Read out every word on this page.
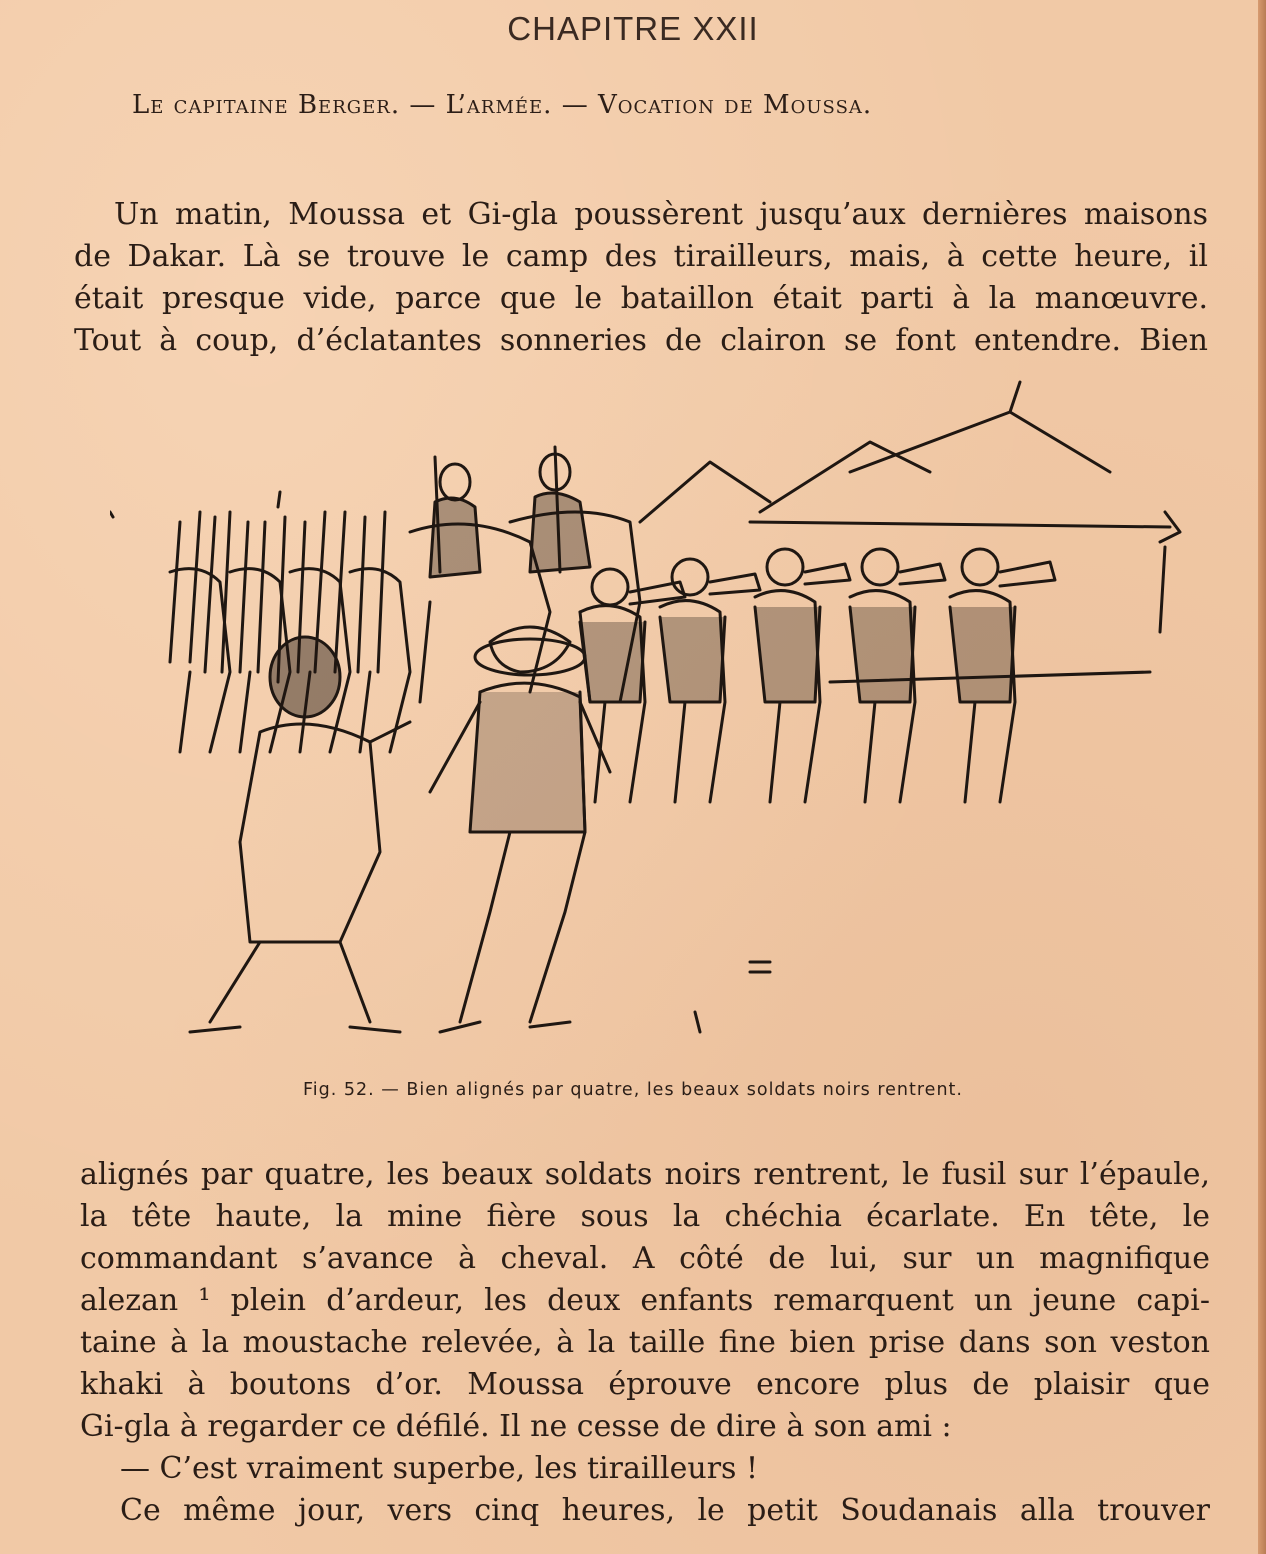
CHAPITRE XXII
Le capitaine Berger. — L’armée. — Vocation de Moussa.
Un matin, Moussa et Gi-gla poussèrent jusqu’aux dernières maisons
de Dakar. Là se trouve le camp des tirailleurs, mais, à cette heure, il
était presque vide, parce que le bataillon était parti à la manœuvre.
Tout à coup, d’éclatantes sonneries de clairon se font entendre. Bien
Fig. 52. — Bien alignés par quatre, les beaux soldats noirs rentrent.
alignés par quatre, les beaux soldats noirs rentrent, le fusil sur l’épaule,
la tête haute, la mine fière sous la chéchia écarlate. En tête, le
commandant s’avance à cheval. A côté de lui, sur un magnifique
alezan ¹ plein d’ardeur, les deux enfants remarquent un jeune capi-
taine à la moustache relevée, à la taille fine bien prise dans son veston
khaki à boutons d’or. Moussa éprouve encore plus de plaisir que
Gi-gla à regarder ce défilé. Il ne cesse de dire à son ami :
— C’est vraiment superbe, les tirailleurs !
Ce même jour, vers cinq heures, le petit Soudanais alla trouver
